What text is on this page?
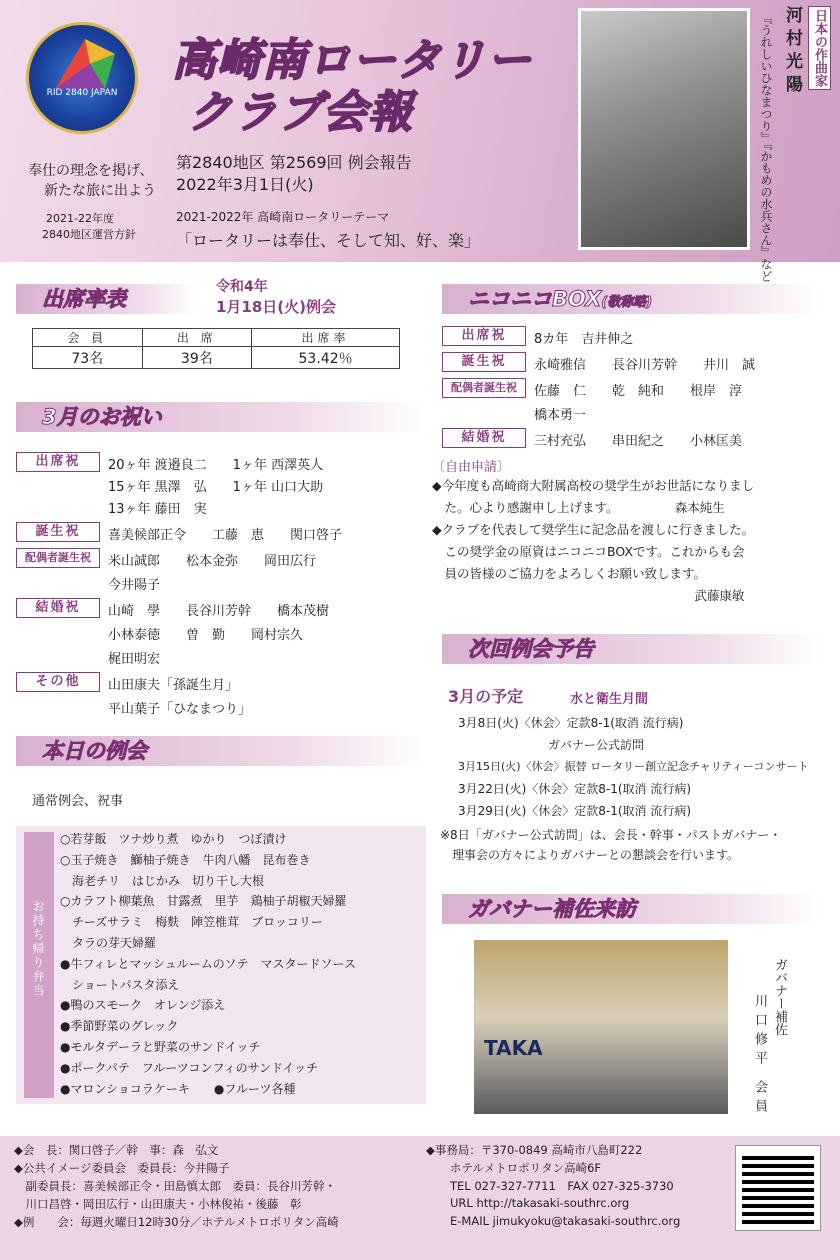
RID 2840 JAPAN
高崎南ロータリー
クラブ会報
奉仕の理念を掲げ、
新たな旅に出よう
2021-22年度
2840地区運営方針
第2840地区 第2569回 例会報告
2022年3月1日(火)
2021-2022年 高崎南ロータリーテーマ
「ロータリーは奉仕、そして知、好、楽」
日本の作曲家
河村光陽
『うれしいひなまつり』『かもめの水兵さん』など
出席率表	令和4年
1月18日(火)例会
会 員	出 席	出席率
73名	39名	53.42％
3月のお祝い
出席祝	20ヶ年 渡邉良二　　1ヶ年 西澤英人
15ヶ年 黒澤　弘　　1ヶ年 山口大助
13ヶ年 藤田　実
誕生祝	喜美候部正令　　工藤　恵　　関口啓子
配偶者誕生祝	米山誠郎　　松本金弥　　岡田広行
今井陽子
結婚祝	山崎　學　　長谷川芳幹　　橋本茂樹
小林泰徳　　曽　勤　　岡村宗久
梶田明宏
その他	山田康夫「孫誕生月」
平山葉子「ひなまつり」
本日の例会
通常例会、祝事
お持ち帰り弁当
○若芽飯　ツナ炒り煮　ゆかり　つぼ漬け
○玉子焼き　鰤柚子焼き　牛肉八幡　昆布巻き
　海老チリ　はじかみ　切り干し大根
○カラフト柳葉魚　甘露煮　里芋　鶏柚子胡椒天婦羅
　チーズサラミ　梅麩　陣笠椎茸　ブロッコリー
　タラの芽天婦羅
●牛フィレとマッシュルームのソテ　マスタードソース
　ショートパスタ添え
●鴨のスモーク　オレンジ添え
●季節野菜のグレック
●モルタデーラと野菜のサンドイッチ
●ポークパテ　フルーツコンフィのサンドイッチ
●マロンショコラケーキ　　●フルーツ各種
ニコニコBOX(敬称略)
出席祝	8カ年　吉井伸之
誕生祝	永崎雅信　　長谷川芳幹　　井川　誠
配偶者誕生祝	佐藤　仁　　乾　純和　　根岸　淳
橋本勇一
結婚祝	三村充弘　　串田紀之　　小林匡美
〔自由申請〕
◆今年度も高崎商大附属高校の奨学生がお世話になりまし
　た。心より感謝申し上げます。　　　　　森本純生
◆クラブを代表して奨学生に記念品を渡しに行きました。
　この奨学金の原資はニコニコBOXです。これからも会
　員の皆様のご協力をよろしくお願い致します。
　　　　　　　　　　　　　　　　　　　　　武藤康敏
次回例会予告
3月の予定	水と衛生月間
3月8日(火)〈休会〉定款8-1(取消 流行病)
ガバナー公式訪問
3月15日(火)〈休会〉振替 ロータリー創立記念チャリティーコンサート
3月22日(火)〈休会〉定款8-1(取消 流行病)
3月29日(火)〈休会〉定款8-1(取消 流行病)
※8日「ガバナー公式訪問」は、会長・幹事・パストガバナー・
　理事会の方々によりガバナーとの懇談会を行います。
ガバナー補佐来訪
TAKA
ガバナー補佐
川口修平 会員
◆会　長：関口啓子／幹　事：森　弘文
◆公共イメージ委員会　委員長：今井陽子
　副委員長：喜美候部正令・田島慎太郎　委員：長谷川芳幹・
　川口昌啓・岡田広行・山田康夫・小林俊祐・後藤　彰
◆例　　会：毎週火曜日12時30分／ホテルメトロポリタン高崎
◆事務局：〒370-0849 高崎市八島町222
ホテルメトロポリタン高崎6F
TEL 027-327-7711　FAX 027-325-3730
URL http://takasaki-southrc.org
E-MAIL jimukyoku@takasaki-southrc.org
